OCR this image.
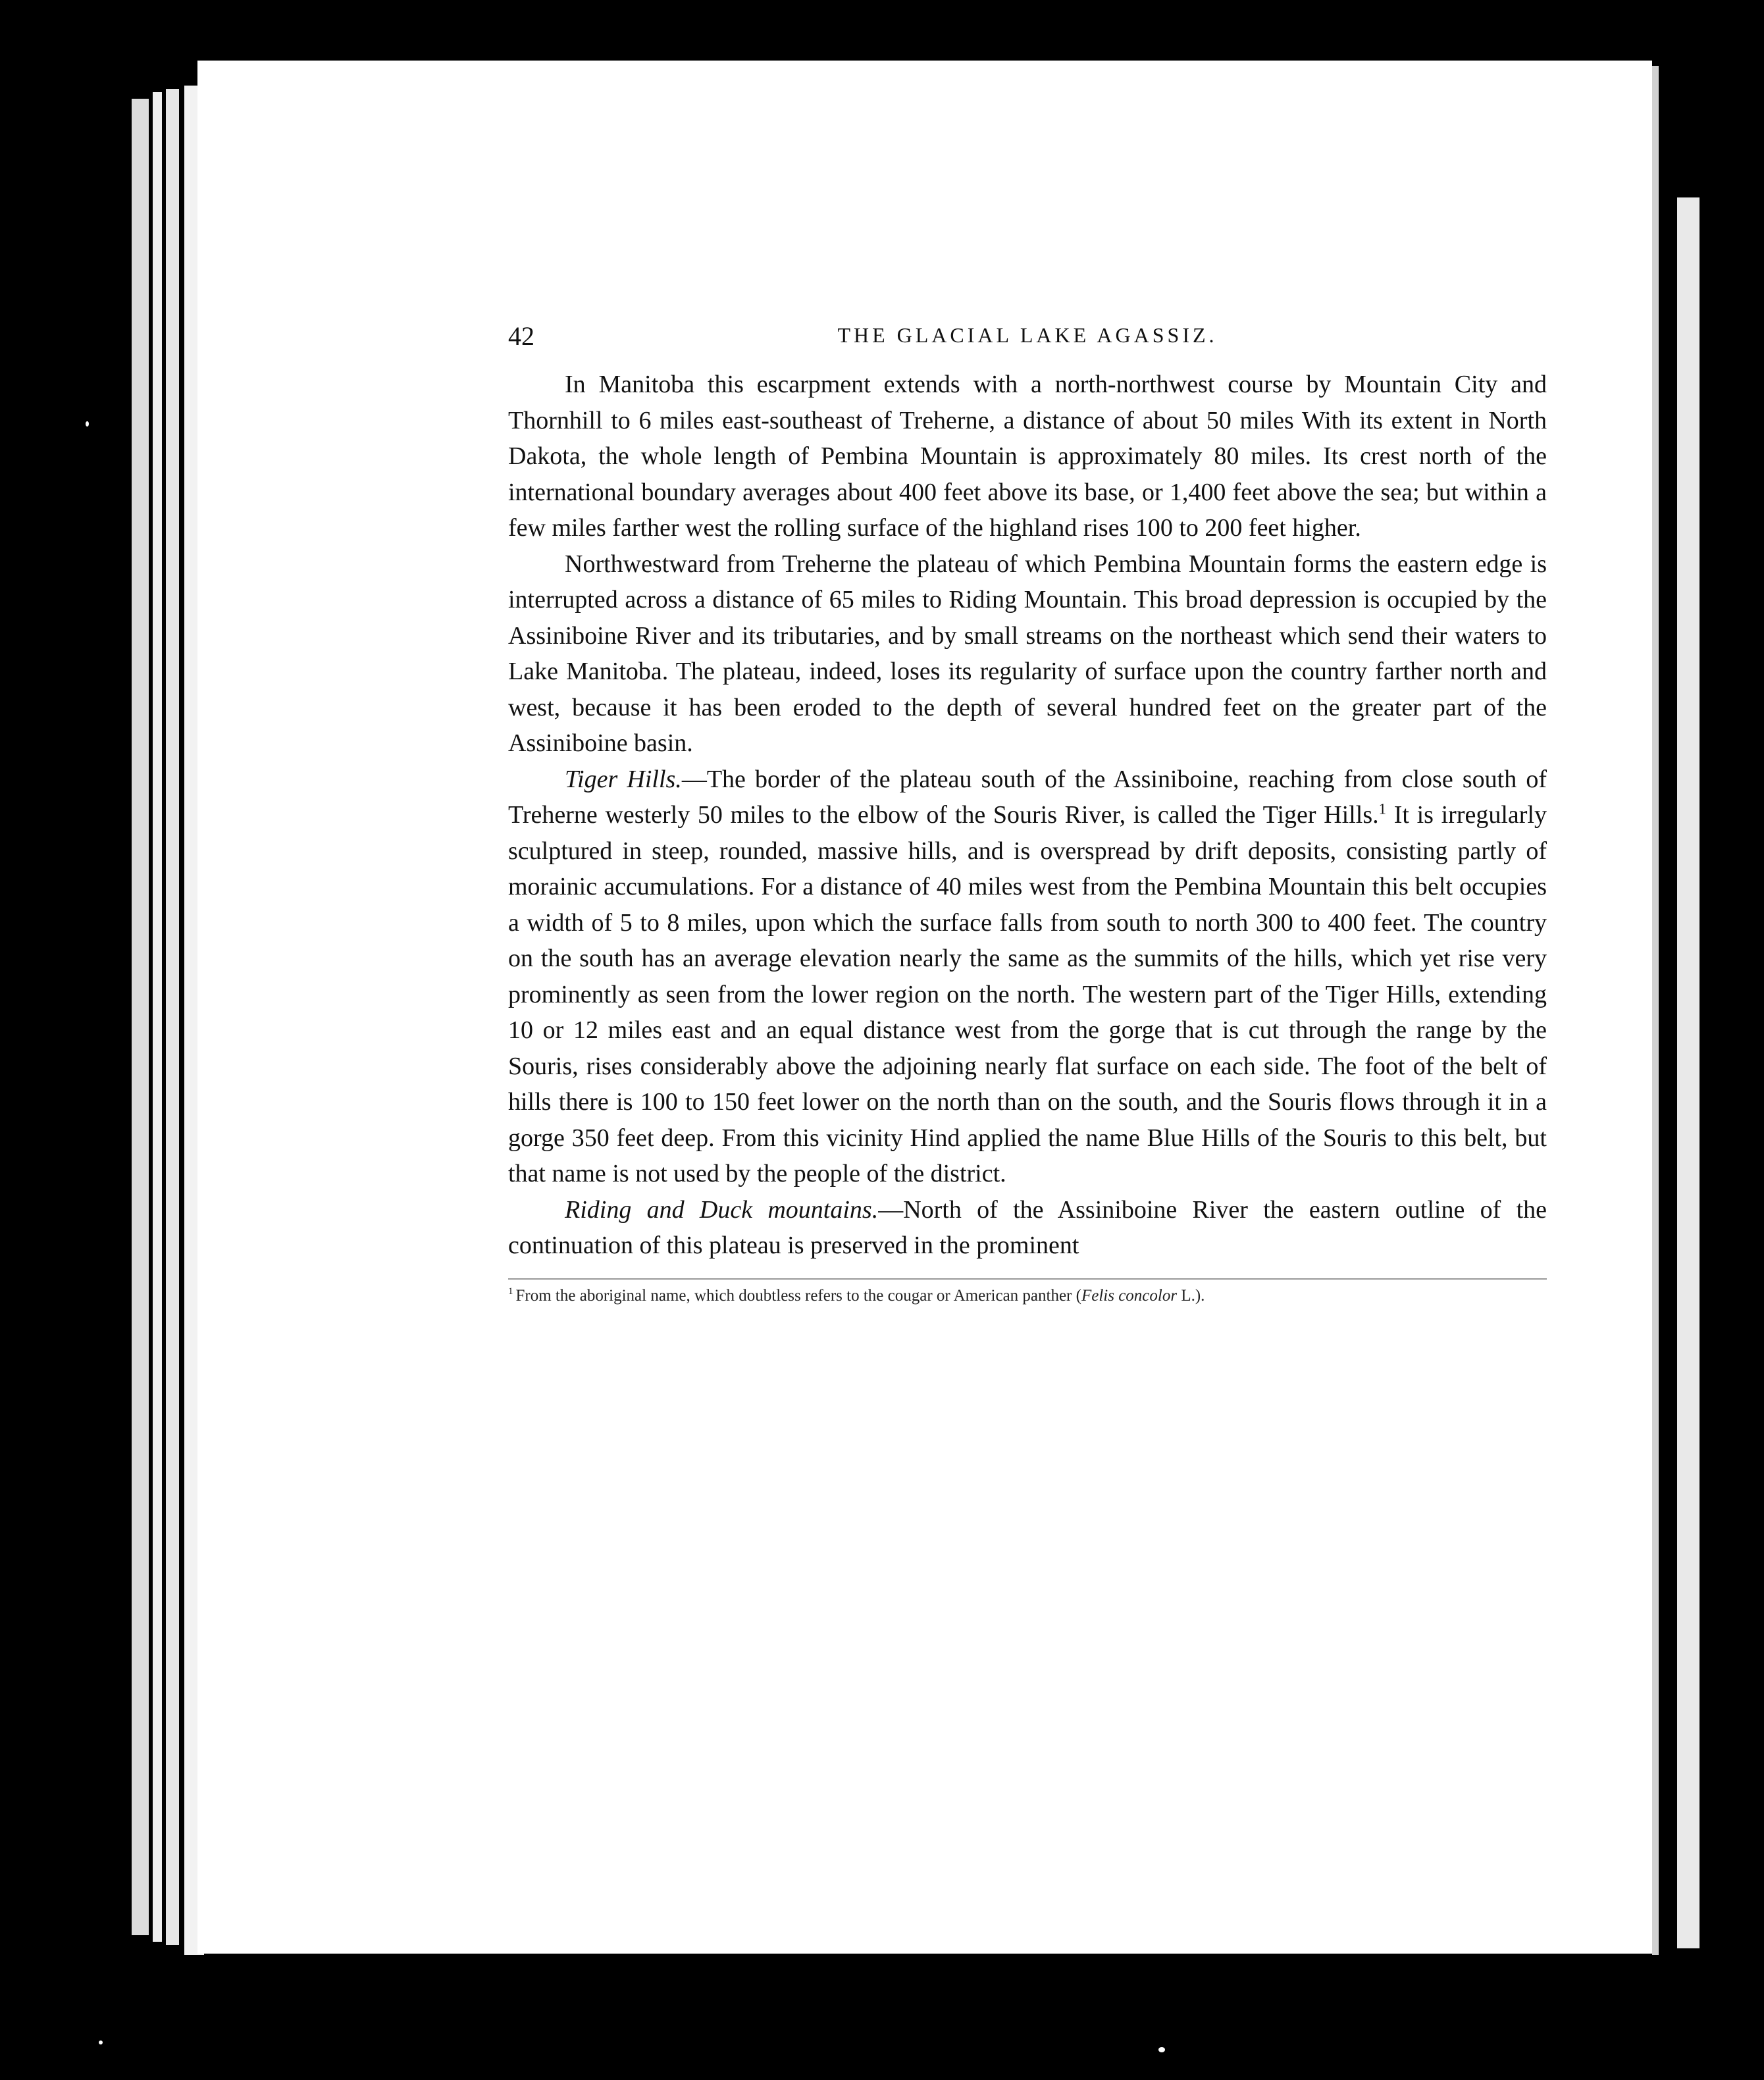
42	THE GLACIAL LAKE AGASSIZ.

In Manitoba this escarpment extends with a north-northwest course by Mountain City and Thornhill to 6 miles east-southeast of Treherne, a distance of about 50 miles With its extent in North Dakota, the whole length of Pembina Mountain is approximately 80 miles. Its crest north of the international boundary averages about 400 feet above its base, or 1,400 feet above the sea; but within a few miles farther west the rolling surface of the highland rises 100 to 200 feet higher.

Northwestward from Treherne the plateau of which Pembina Mountain forms the eastern edge is interrupted across a distance of 65 miles to Riding Mountain. This broad depression is occupied by the Assiniboine River and its tributaries, and by small streams on the northeast which send their waters to Lake Manitoba. The plateau, indeed, loses its regularity of surface upon the country farther north and west, because it has been eroded to the depth of several hundred feet on the greater part of the Assiniboine basin.

Tiger Hills.—The border of the plateau south of the Assiniboine, reaching from close south of Treherne westerly 50 miles to the elbow of the Souris River, is called the Tiger Hills.$^1$ It is irregularly sculptured in steep, rounded, massive hills, and is overspread by drift deposits, consisting partly of morainic accumulations. For a distance of 40 miles west from the Pembina Mountain this belt occupies a width of 5 to 8 miles, upon which the surface falls from south to north 300 to 400 feet. The country on the south has an average elevation nearly the same as the summits of the hills, which yet rise very prominently as seen from the lower region on the north. The western part of the Tiger Hills, extending 10 or 12 miles east and an equal distance west from the gorge that is cut through the range by the Souris, rises considerably above the adjoining nearly flat surface on each side. The foot of the belt of hills there is 100 to 150 feet lower on the north than on the south, and the Souris flows through it in a gorge 350 feet deep. From this vicinity Hind applied the name Blue Hills of the Souris to this belt, but that name is not used by the people of the district.

Riding and Duck mountains.—North of the Assiniboine River the eastern outline of the continuation of this plateau is preserved in the prominent

$^1$ From the aboriginal name, which doubtless refers to the cougar or American panther (Felis concolor L.).
